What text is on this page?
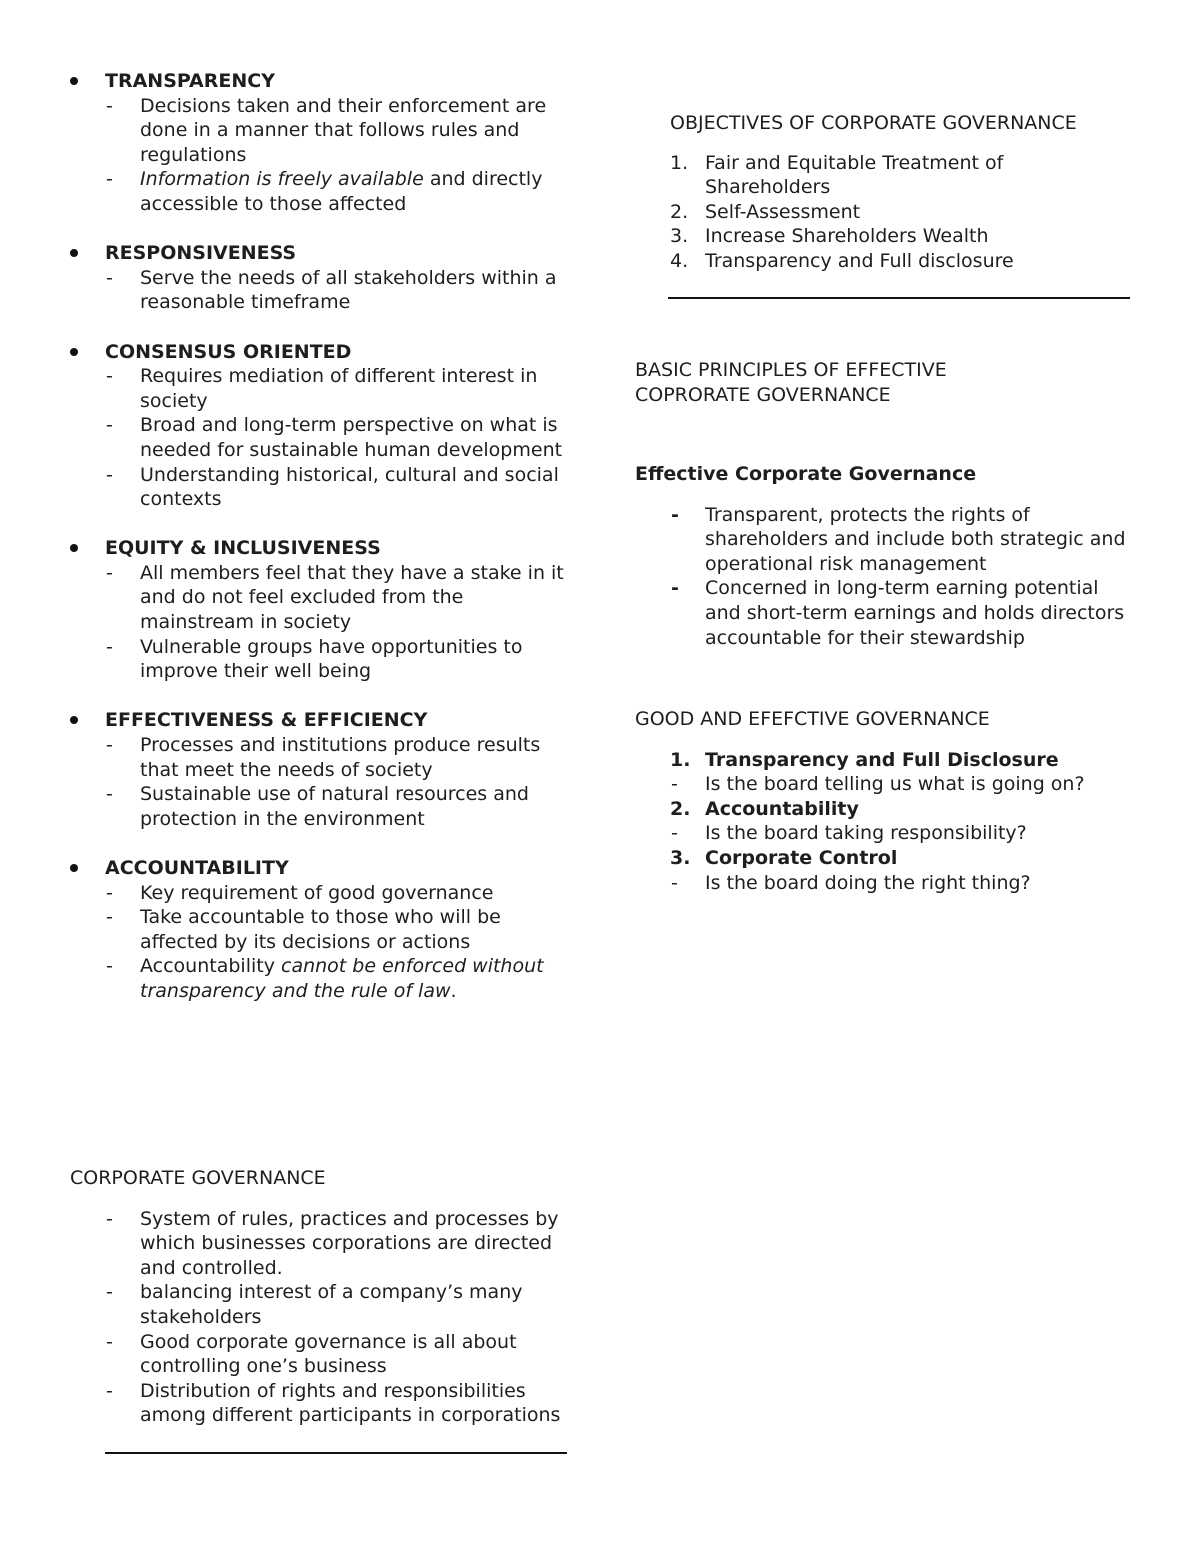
TRANSPARENCY
- Decisions taken and their enforcement are done in a manner that follows rules and regulations
- Information is freely available and directly accessible to those affected
RESPONSIVENESS
- Serve the needs of all stakeholders within a reasonable timeframe
CONSENSUS ORIENTED
- Requires mediation of different interest in society
- Broad and long-term perspective on what is needed for sustainable human development
- Understanding historical, cultural and social contexts
EQUITY & INCLUSIVENESS
- All members feel that they have a stake in it and do not feel excluded from the mainstream in society
- Vulnerable groups have opportunities to improve their well being
EFFECTIVENESS & EFFICIENCY
- Processes and institutions produce results that meet the needs of society
- Sustainable use of natural resources and protection in the environment
ACCOUNTABILITY
- Key requirement of good governance
- Take accountable to those who will be affected by its decisions or actions
- Accountability cannot be enforced without transparency and the rule of law.
CORPORATE GOVERNANCE
- System of rules, practices and processes by which businesses corporations are directed and controlled.
- balancing interest of a company’s many stakeholders
- Good corporate governance is all about controlling one’s business
- Distribution of rights and responsibilities among different participants in corporations
OBJECTIVES OF CORPORATE GOVERNANCE
1. Fair and Equitable Treatment of Shareholders
2. Self-Assessment
3. Increase Shareholders Wealth
4. Transparency and Full disclosure
BASIC PRINCIPLES OF EFFECTIVE COPRORATE GOVERNANCE
Effective Corporate Governance
- Transparent, protects the rights of shareholders and include both strategic and operational risk management
- Concerned in long-term earning potential and short-term earnings and holds directors accountable for their stewardship
GOOD AND EFEFCTIVE GOVERNANCE
1. Transparency and Full Disclosure
- Is the board telling us what is going on?
2. Accountability
- Is the board taking responsibility?
3. Corporate Control
- Is the board doing the right thing?
